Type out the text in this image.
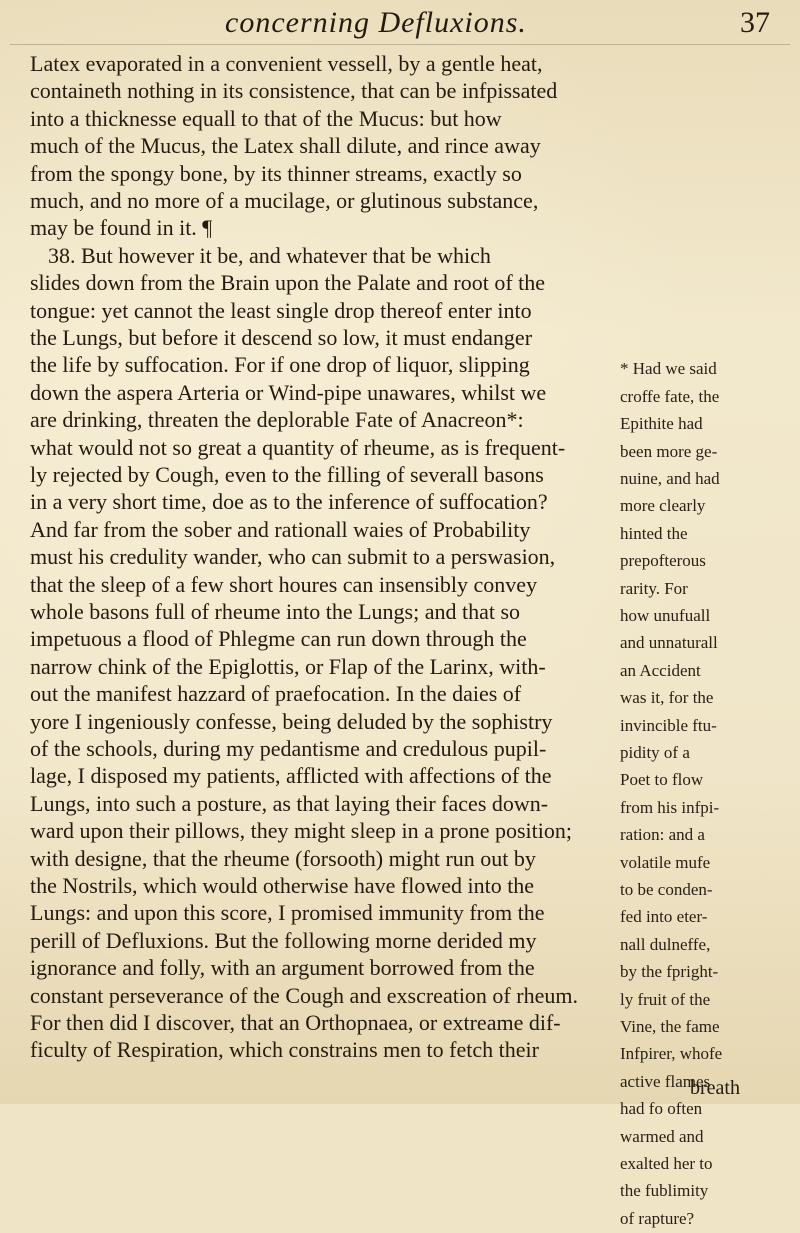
concerning Defluxions.	37
Latex evaporated in a convenient vessell, by a gentle heat,
containeth nothing in its consistence, that can be infpissated
into a thicknesse equall to that of the Mucus: but how
much of the Mucus, the Latex shall dilute, and rince away
from the spongy bone, by its thinner streams, exactly so
much, and no more of a mucilage, or glutinous substance,
may be found in it. ¶
38. But however it be, and whatever that be which
slides down from the Brain upon the Palate and root of the
tongue: yet cannot the least single drop thereof enter into
the Lungs, but before it descend so low, it must endanger
the life by suffocation. For if one drop of liquor, slipping	* Had we said
down the aspera Arteria or Wind-pipe unawares, whilst we	croffe fate, the
are drinking, threaten the deplorable Fate of Anacreon*:	Epithite had
what would not so great a quantity of rheume, as is frequent-	been more ge-
ly rejected by Cough, even to the filling of severall basons	nuine, and had
in a very short time, doe as to the inference of suffocation?	more clearly
And far from the sober and rationall waies of Probability	hinted the
must his credulity wander, who can submit to a perswasion,	prepofterous
that the sleep of a few short houres can insensibly convey	rarity. For
whole basons full of rheume into the Lungs; and that so	how unufuall
impetuous a flood of Phlegme can run down through the	and unnaturall
narrow chink of the Epiglottis, or Flap of the Larinx, with-	an Accident
out the manifest hazzard of praefocation. In the daies of	was it, for the
yore I ingeniously confesse, being deluded by the sophistry	invincible ftu-
of the schools, during my pedantisme and credulous pupil-	pidity of a
lage, I disposed my patients, afflicted with affections of the	Poet to flow
Lungs, into such a posture, as that laying their faces down-	from his infpi-
ward upon their pillows, they might sleep in a prone position;	ration: and a
with designe, that the rheume (forsooth) might run out by	volatile mufe
the Nostrils, which would otherwise have flowed into the	to be conden-
Lungs: and upon this score, I promised immunity from the	fed into eter-
perill of Defluxions. But the following morne derided my	nall dulneffe,
ignorance and folly, with an argument borrowed from the	by the fpright-
constant perseverance of the Cough and exscreation of rheum. ly fruit of the
For then did I discover, that an Orthopnaea, or extreame dif-	Vine, the fame
ficulty of Respiration, which constrains men to fetch their	Infpirer, whofe
active flames
had fo often
warmed and
exalted her to
the fublimity
of rapture?
breath
